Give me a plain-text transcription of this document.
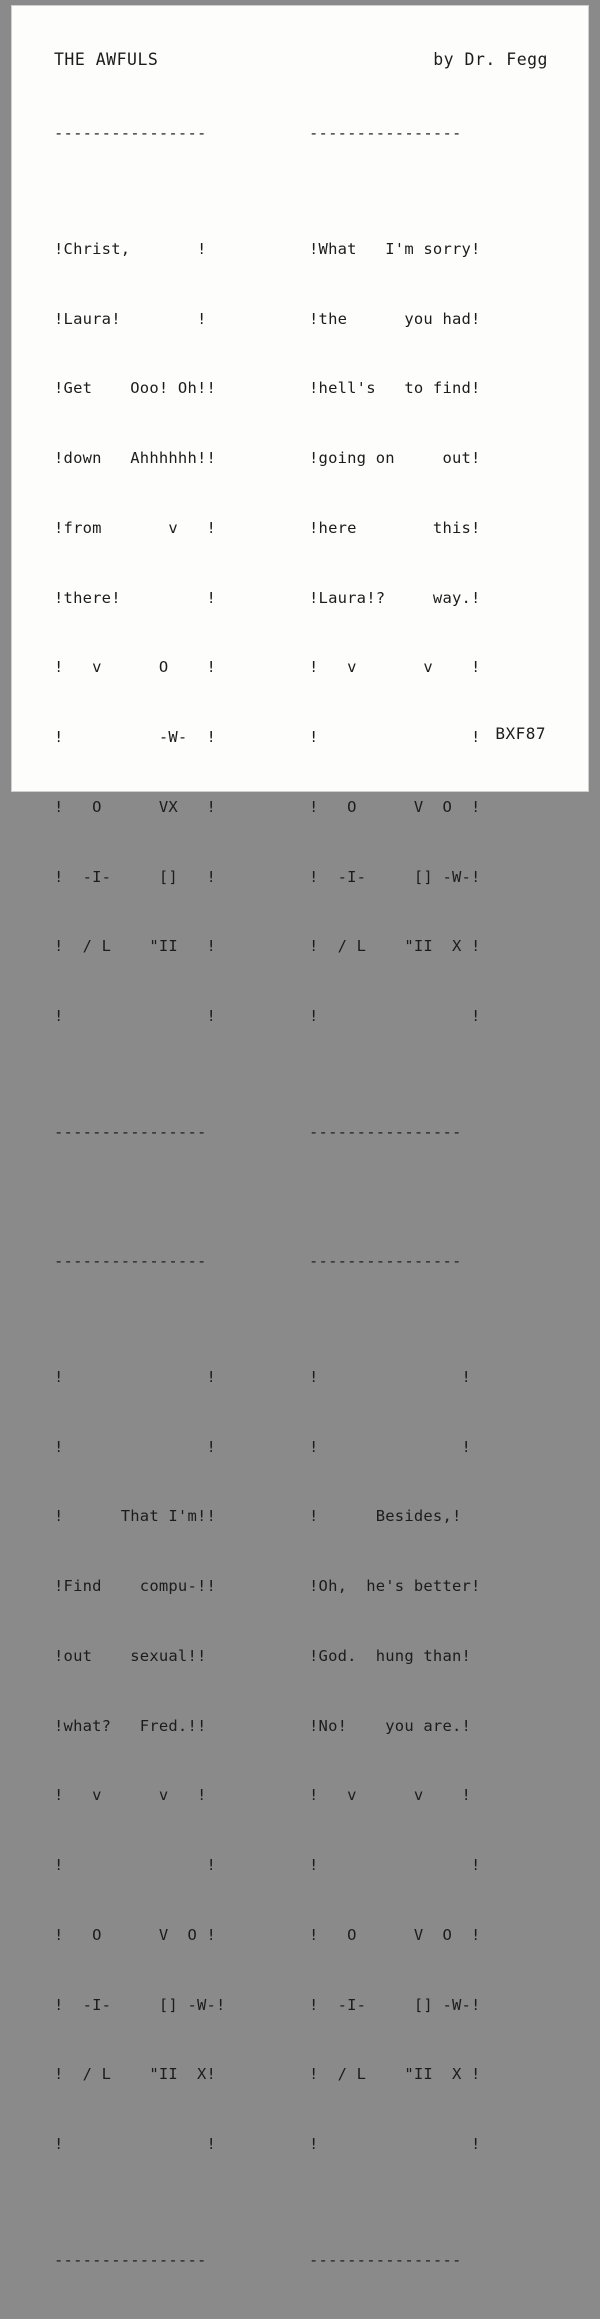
THE AWFULS	by Dr. Fegg

----------------

!Christ,       !

!Laura!        !

!Get    Ooo! Oh!!

!down   Ahhhhhh!!

!from       v   !

!there!         !

!   v      O    !

!          -W-  !

!   O      VX   !

!  -I-     []   !

!  / L    "II   !

!               !

----------------

----------------

!What   I'm sorry!

!the      you had!

!hell's   to find!

!going on     out!

!here        this!

!Laura!?     way.!

!   v       v    !

!                !

!   O      V  O  !

!  -I-     [] -W-!

!  / L    "II  X !

!                !

----------------

----------------

!               !

!               !

!      That I'm!!

!Find    compu-!!

!out    sexual!!

!what?   Fred.!!

!   v      v   !

!               !

!   O      V  O !

!  -I-     [] -W-!

!  / L    "II  X!

!               !

----------------

----------------

!               !

!               !

!      Besides,!

!Oh,  he's better!

!God.  hung than!

!No!    you are.!

!   v      v    !

!                !

!   O      V  O  !

!  -I-     [] -W-!

!  / L    "II  X !

!                !

----------------

BXF87
